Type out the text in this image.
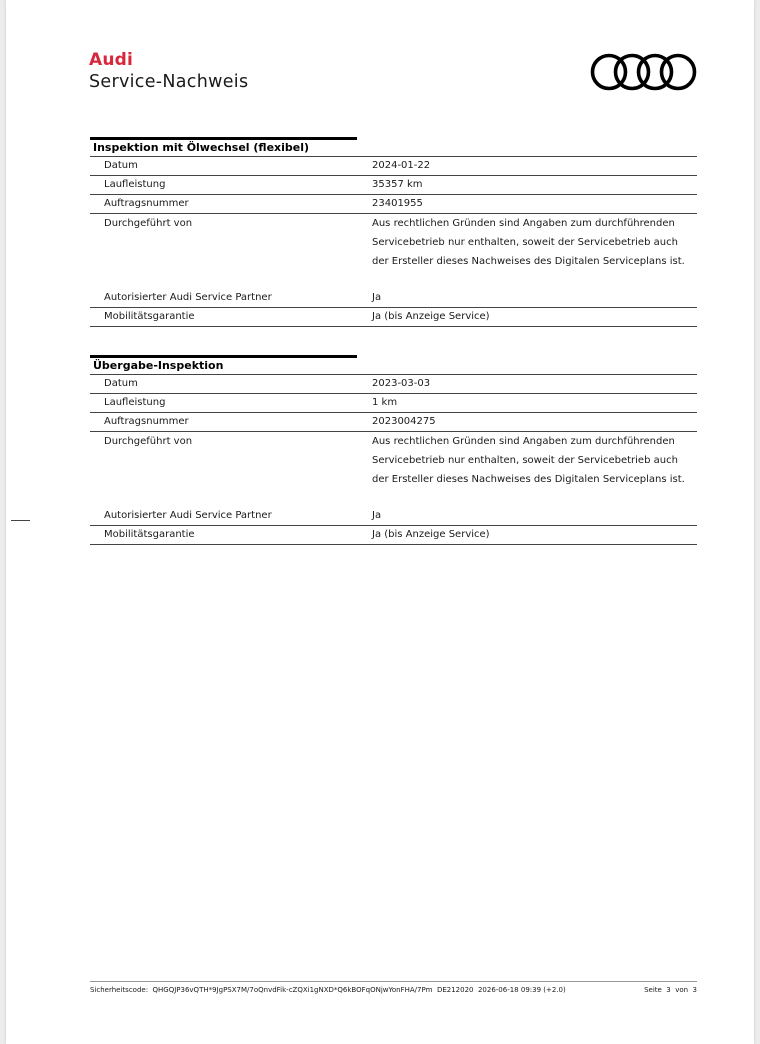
Audi
Service-Nachweis
Inspektion mit Ölwechsel (flexibel)
Datum	2024-01-22
Laufleistung	35357 km
Auftragsnummer	23401955
Durchgeführt von	Aus rechtlichen Gründen sind Angaben zum durchführenden Servicebetrieb nur enthalten, soweit der Servicebetrieb auch der Ersteller dieses Nachweises des Digitalen Serviceplans ist.
Autorisierter Audi Service Partner	Ja
Mobilitätsgarantie	Ja (bis Anzeige Service)
Übergabe-Inspektion
Datum	2023-03-03
Laufleistung	1 km
Auftragsnummer	2023004275
Durchgeführt von	Aus rechtlichen Gründen sind Angaben zum durchführenden Servicebetrieb nur enthalten, soweit der Servicebetrieb auch der Ersteller dieses Nachweises des Digitalen Serviceplans ist.
Autorisierter Audi Service Partner	Ja
Mobilitätsgarantie	Ja (bis Anzeige Service)
Sicherheitscode: QHGQJP36vQTH*9JgPSX7M/7oQnvdFik-cZQXi1gNXD*Q6kBOFqONjwYonFHA/7Pm DE212020 2026-06-18 09:39 (+2.0)	Seite 3 von 3
